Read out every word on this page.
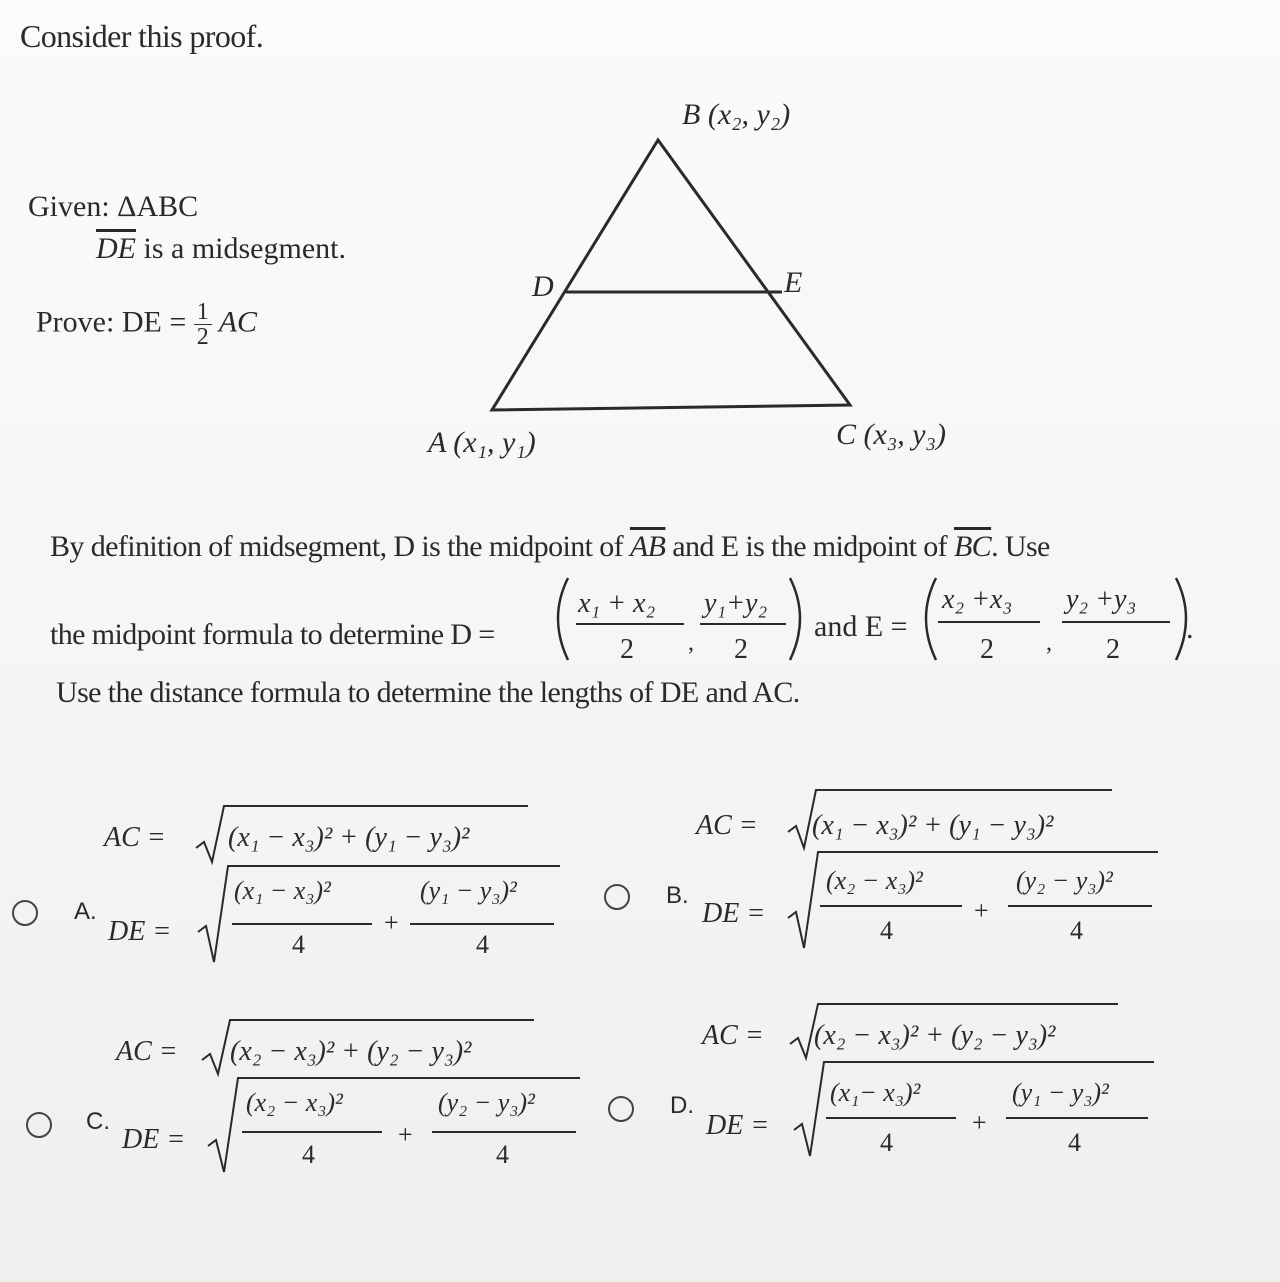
Consider this proof.
Given: ΔABC
$\overline{DE}$ is a midsegment.
Prove: DE = $\frac{1}{2}$ AC
B (x₂, y₂)
A (x₁, y₁)	C (x₃, y₃)
D	E
By definition of midsegment, D is the midpoint of $\overline{AB}$ and E is the midpoint of $\overline{BC}$. Use
the midpoint formula to determine D =
x₁ + x₂
2 ,
y₁+y₂
2
and E =
x₂ +x₃
2 ,
y₂ +y₃
2
.
Use the distance formula to determine the lengths of DE and AC.
A.
B.
C.
D.
AC = (x₁ − x₃)² + (y₁ − y₃)²
DE =
(x₁ − x₃)²
4
+
(y₁ − y₃)²
4
AC = (x₁ − x₃)² + (y₁ − y₃)²
DE =
(x₂ − x₃)²
4
+
(y₂ − y₃)²
4
AC = (x₂ − x₃)² + (y₂ − y₃)²
DE =
(x₂ − x₃)²
4
+
(y₂ − y₃)²
4
AC = (x₂ − x₃)² + (y₂ − y₃)²
DE =
(x₁− x₃)²
4
+
(y₁ − y₃)²
4
